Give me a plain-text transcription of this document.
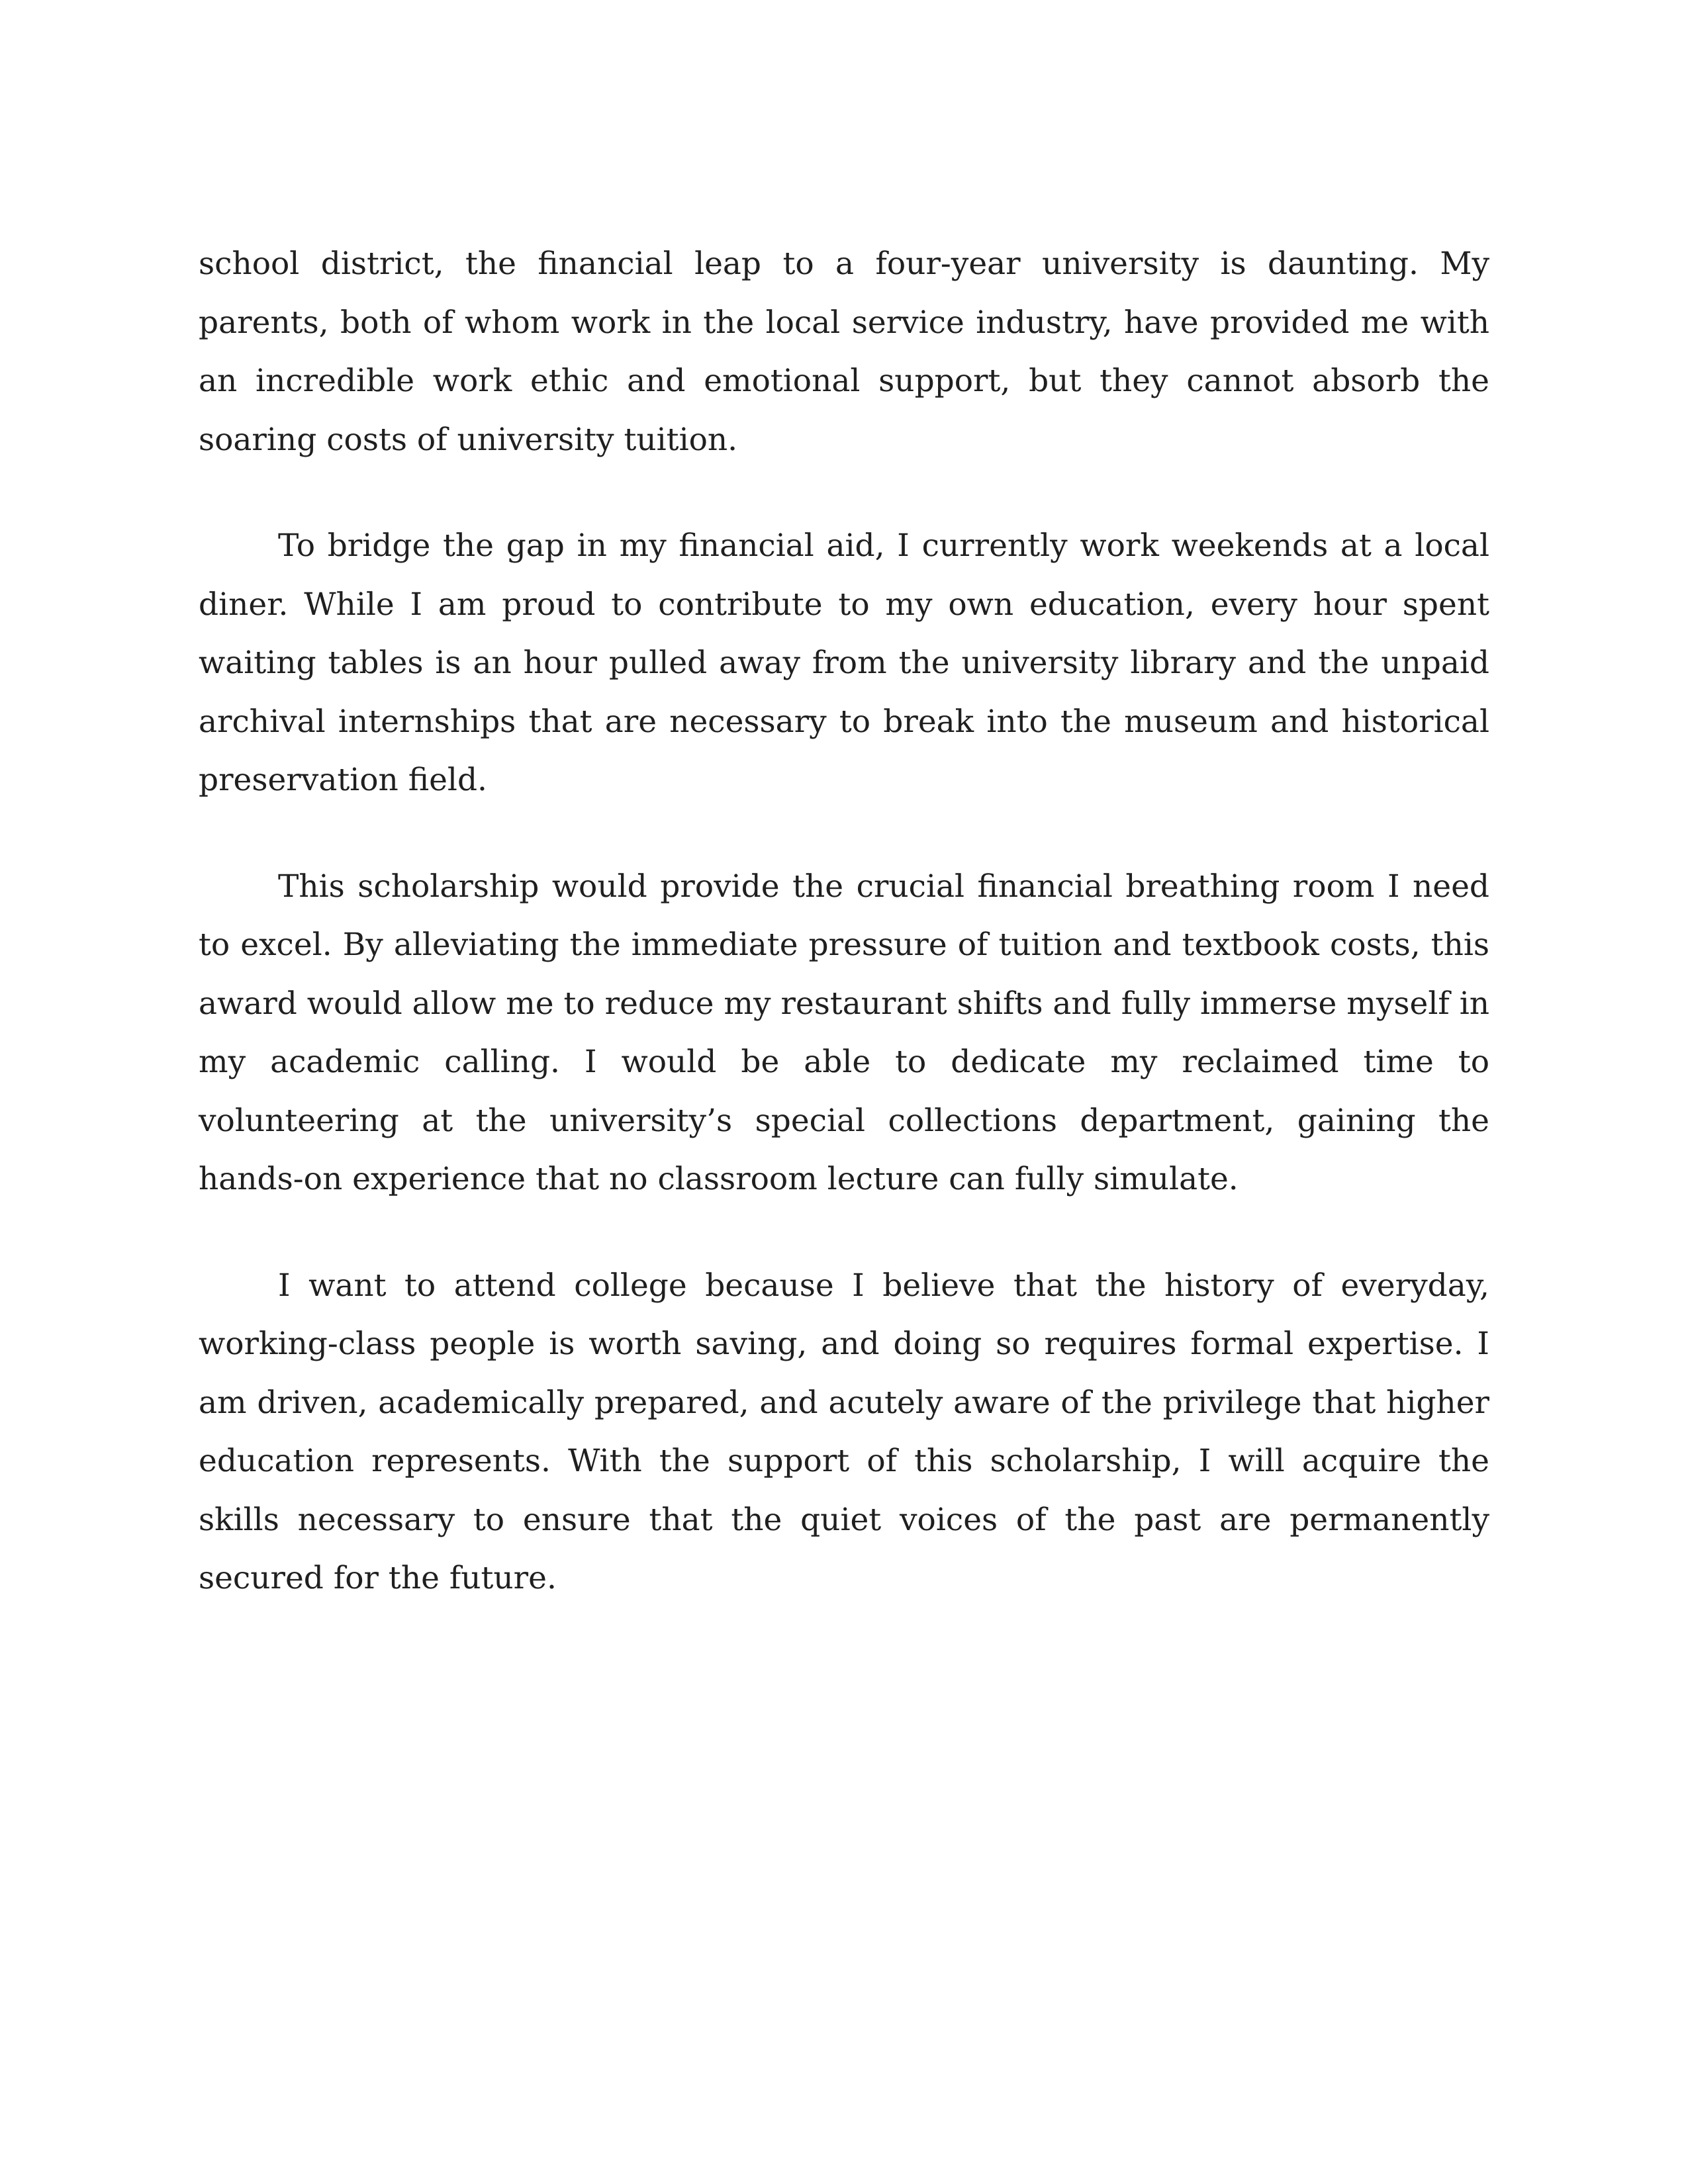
school district, the financial leap to a four-year university is daunting. My parents, both of whom work in the local service industry, have provided me with an incredible work ethic and emotional support, but they cannot absorb the soaring costs of university tuition.

To bridge the gap in my financial aid, I currently work weekends at a local diner. While I am proud to contribute to my own education, every hour spent waiting tables is an hour pulled away from the university library and the unpaid archival internships that are necessary to break into the museum and historical preservation field.

This scholarship would provide the crucial financial breathing room I need to excel. By alleviating the immediate pressure of tuition and textbook costs, this award would allow me to reduce my restaurant shifts and fully immerse myself in my academic calling. I would be able to dedicate my reclaimed time to volunteering at the university’s special collections department, gaining the hands-on experience that no classroom lecture can fully simulate.

I want to attend college because I believe that the history of everyday, working-class people is worth saving, and doing so requires formal expertise. I am driven, academically prepared, and acutely aware of the privilege that higher education represents. With the support of this scholarship, I will acquire the skills necessary to ensure that the quiet voices of the past are permanently secured for the future.
